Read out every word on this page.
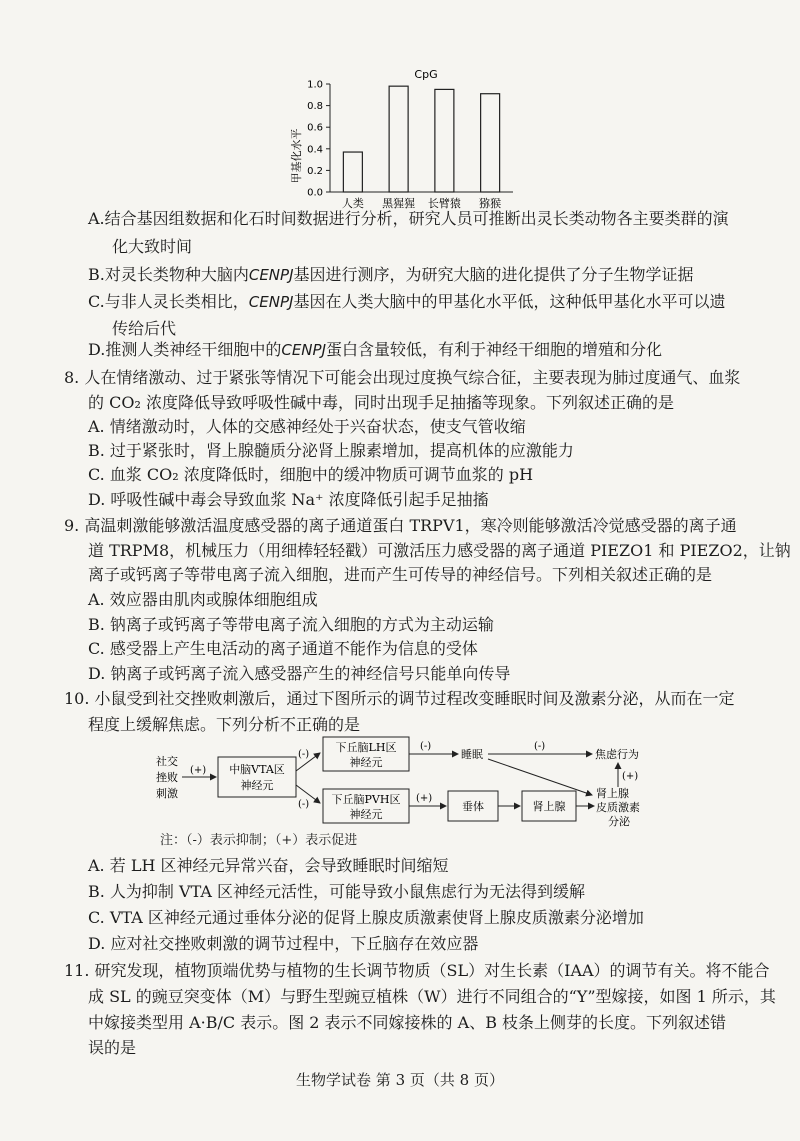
CpG
甲基化水平
0.0
0.2
0.4
0.6
0.8
1.0
人类 黑猩猩 长臂猿 猕猴
A.结合基因组数据和化石时间数据进行分析，研究人员可推断出灵长类动物各主要类群的演
化大致时间
B.对灵长类物种大脑内CENPJ基因进行测序，为研究大脑的进化提供了分子生物学证据
C.与非人灵长类相比，CENPJ基因在人类大脑中的甲基化水平低，这种低甲基化水平可以遗
传给后代
D.推测人类神经干细胞中的CENPJ蛋白含量较低，有利于神经干细胞的增殖和分化
8. 人在情绪激动、过于紧张等情况下可能会出现过度换气综合征，主要表现为肺过度通气、血浆
的 CO₂ 浓度降低导致呼吸性碱中毒，同时出现手足抽搐等现象。下列叙述正确的是
A. 情绪激动时，人体的交感神经处于兴奋状态，使支气管收缩
B. 过于紧张时，肾上腺髓质分泌肾上腺素增加，提高机体的应激能力
C. 血浆 CO₂ 浓度降低时，细胞中的缓冲物质可调节血浆的 pH
D. 呼吸性碱中毒会导致血浆 Na⁺ 浓度降低引起手足抽搐
9. 高温刺激能够激活温度感受器的离子通道蛋白 TRPV1，寒冷则能够激活冷觉感受器的离子通
道 TRPM8，机械压力（用细棒轻轻戳）可激活压力感受器的离子通道 PIEZO1 和 PIEZO2，让钠
离子或钙离子等带电离子流入细胞，进而产生可传导的神经信号。下列相关叙述正确的是
A. 效应器由肌肉或腺体细胞组成
B. 钠离子或钙离子等带电离子流入细胞的方式为主动运输
C. 感受器上产生电活动的离子通道不能作为信息的受体
D. 钠离子或钙离子流入感受器产生的神经信号只能单向传导
10. 小鼠受到社交挫败刺激后，通过下图所示的调节过程改变睡眠时间及激素分泌，从而在一定
程度上缓解焦虑。下列分析不正确的是
社交
挫败
刺激
(+) 中脑VTA区
神经元
(-)
(-)
下丘脑LH区
神经元
下丘脑PVH区
神经元
(-)
睡眠
(-)
焦虑行为
(+)
(+)
垂体	肾上腺
肾上腺
皮质激素
分泌
注：（-）表示抑制；（+）表示促进
A. 若 LH 区神经元异常兴奋，会导致睡眠时间缩短
B. 人为抑制 VTA 区神经元活性，可能导致小鼠焦虑行为无法得到缓解
C. VTA 区神经元通过垂体分泌的促肾上腺皮质激素使肾上腺皮质激素分泌增加
D. 应对社交挫败刺激的调节过程中，下丘脑存在效应器
11. 研究发现，植物顶端优势与植物的生长调节物质（SL）对生长素（IAA）的调节有关。将不能合
成 SL 的豌豆突变体（M）与野生型豌豆植株（W）进行不同组合的“Y”型嫁接，如图 1 所示，其
中嫁接类型用 A·B/C 表示。图 2 表示不同嫁接株的 A、B 枝条上侧芽的长度。下列叙述错
误的是
生物学试卷 第 3 页（共 8 页）
